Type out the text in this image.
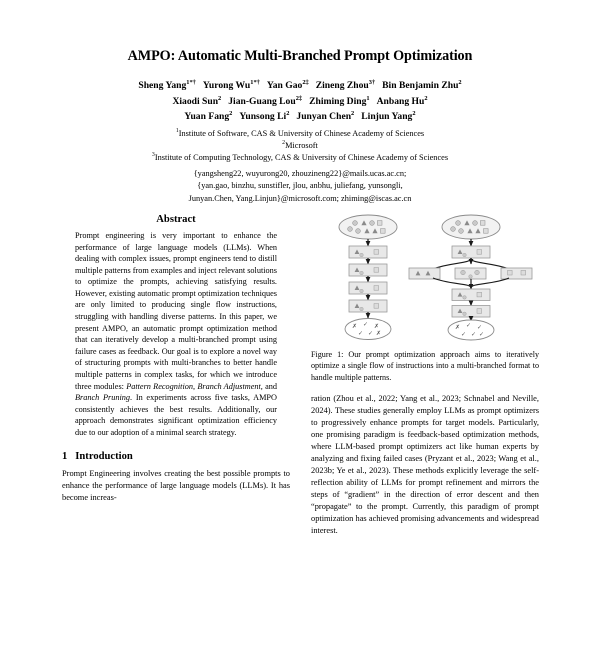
AMPO: Automatic Multi-Branched Prompt Optimization
Sheng Yang$^{1*\dagger}$ Yurong $Wu^{1*\dagger}$ Yan Gao$^{2\ddagger}$ Zineng Zhou$^{3\dagger}$ Bin Benjamin Zhu$^2$
Xiaodi Sun$^2$ Jian-Guang Lou$^{2\ddagger}$ Zhiming Ding$^1$ Anbang Hu$^2$
Yuan Fang$^2$ Yunsong Li$^2$ Junyan Chen$^2$ Linjun Yang$^2$
$^1$Institute of Software, CAS & University of Chinese Academy of Sciences
$^2$Microsoft
$^3$Institute of Computing Technology, CAS & University of Chinese Academy of Sciences
{yangsheng22, wuyurong20, zhouzineng22}@mails.ucas.ac.cn;
{yan.gao, binzhu, sunstifler, jlou, anbhu, juliefang, yunsongli,
Junyan.Chen, Yang.Linjun}@microsoft.com; zhiming@iscas.ac.cn
Abstract
Prompt engineering is very important to enhance the performance of large language models (LLMs). When dealing with complex issues, prompt engineers tend to distill multiple patterns from examples and inject relevant solutions to optimize the prompts, achieving satisfying results. However, existing automatic prompt optimization techniques are only limited to producing single flow instructions, struggling with handling diverse patterns. In this paper, we present AMPO, an automatic prompt optimization method that can iteratively develop a multi-branched prompt using failure cases as feedback. Our goal is to explore a novel way of structuring prompts with multi-branches to better handle multiple patterns in complex tasks, for which we introduce three modules: Pattern Recognition, Branch Adjustment, and Branch Pruning. In experiments across five tasks, AMPO consistently achieves the best results. Additionally, our approach demonstrates significant optimization efficiency due to our adoption of a minimal search strategy.
1 Introduction
Prompt Engineering involves creating the best possible prompts to enhance the performance of large language models (LLMs). It has become increas-
✗ ✓ ✗
✓ ✓ ✗
✗ ✓ ✓
✓ ✓ ✓
Figure 1: Our prompt optimization approach aims to iteratively optimize a single flow of instructions into a multi-branched format to handle multiple patterns.
ration (Zhou et al., 2022; Yang et al., 2023; Schnabel and Neville, 2024). These studies generally employ LLMs as prompt optimizers to progressively enhance prompts for target models. Particularly, one promising paradigm is feedback-based optimization methods, where LLM-based prompt optimizers act like human experts by analyzing and fixing failed cases (Pryzant et al., 2023; Wang et al., 2023b; Ye et al., 2023). These methods explicitly leverage the self-reflection ability of LLMs for prompt refinement and mirrors the steps of “gradient” in the direction of error descent and then “propagate” to the prompt. Currently, this paradigm of prompt optimization has achieved promising advancements and widespread interest.
